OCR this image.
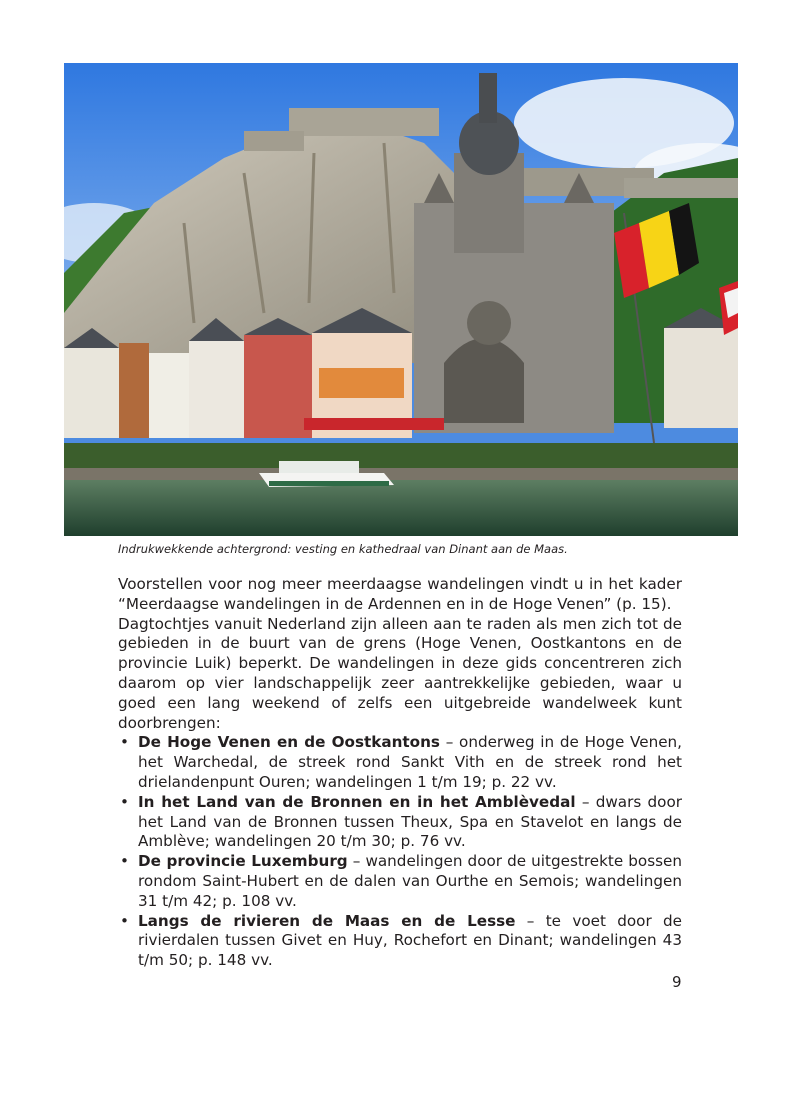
Indrukwekkende achtergrond: vesting en kathedraal van Dinant aan de Maas.

Voorstellen voor nog meer meerdaagse wandelingen vindt u in het kader “Meerdaagse wandelingen in de Ardennen en in de Hoge Venen” (p. 15).

Dagtochtjes vanuit Nederland zijn alleen aan te raden als men zich tot de gebieden in de buurt van de grens (Hoge Venen, Oostkantons en de provincie Luik) beperkt. De wandelingen in deze gids concentreren zich daarom op vier landschappelijk zeer aantrekkelijke gebieden, waar u goed een lang weekend of zelfs een uitgebreide wandelweek kunt doorbrengen:

• De Hoge Venen en de Oostkantons – onderweg in de Hoge Venen, het Warchedal, de streek rond Sankt Vith en de streek rond het drielandenpunt Ouren; wandelingen 1 t/m 19; p. 22 vv.
• In het Land van de Bronnen en in het Amblèvedal – dwars door het Land van de Bronnen tussen Theux, Spa en Stavelot en langs de Amblève; wandelingen 20 t/m 30; p. 76 vv.
• De provincie Luxemburg – wandelingen door de uitgestrekte bossen rondom Saint-Hubert en de dalen van Ourthe en Semois; wandelingen 31 t/m 42; p. 108 vv.
• Langs de rivieren de Maas en de Lesse – te voet door de rivierdalen tussen Givet en Huy, Rochefort en Dinant; wandelingen 43 t/m 50; p. 148 vv.
9
